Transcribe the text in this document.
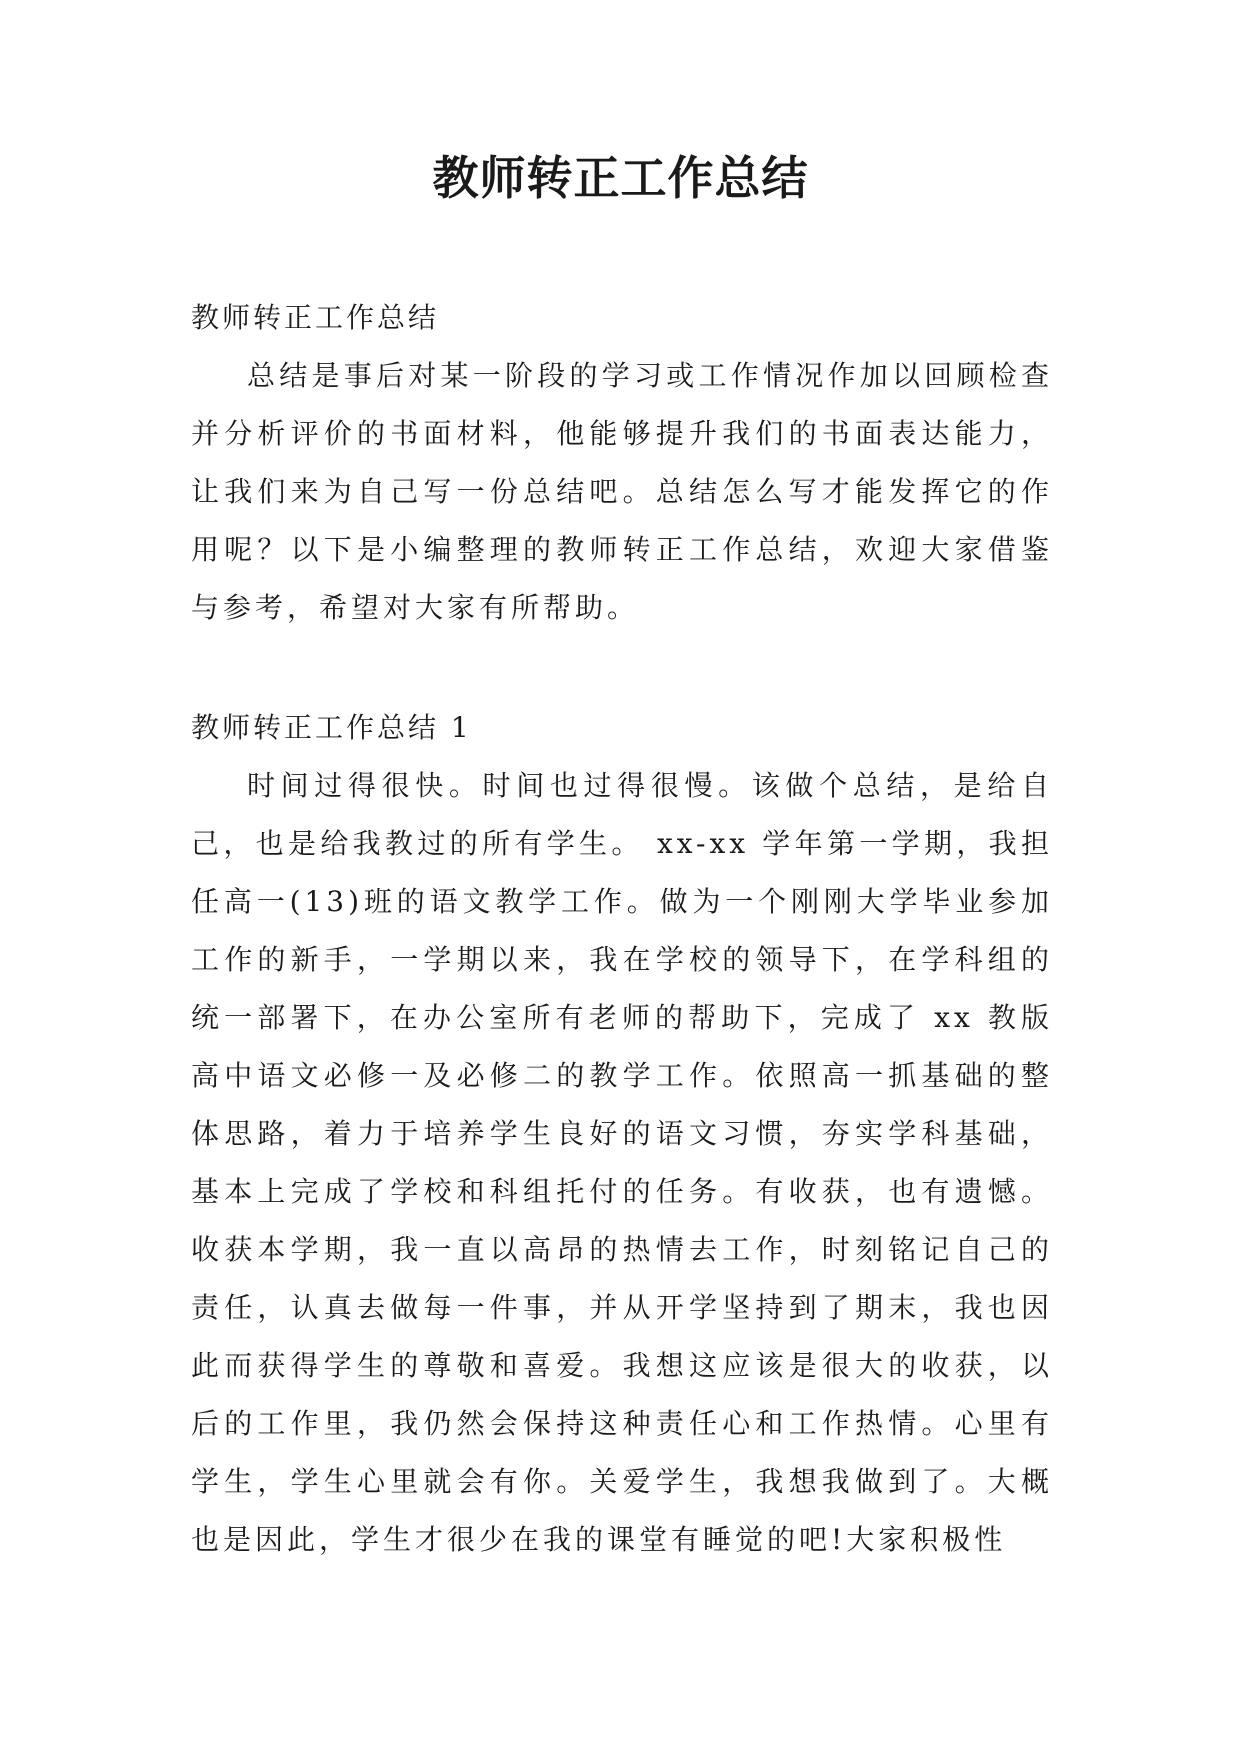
教师转正工作总结
教师转正工作总结

总结是事后对某一阶段的学习或工作情况作加以回顾检查并分析评价的书面材料，他能够提升我们的书面表达能力，让我们来为自己写一份总结吧。总结怎么写才能发挥它的作用呢？以下是小编整理的教师转正工作总结，欢迎大家借鉴与参考，希望对大家有所帮助。

教师转正工作总结 1

时间过得很快。时间也过得很慢。该做个总结，是给自己，也是给我教过的所有学生。 xx-xx 学年第一学期，我担任高一(13)班的语文教学工作。做为一个刚刚大学毕业参加工作的新手，一学期以来，我在学校的领导下，在学科组的统一部署下，在办公室所有老师的帮助下，完成了 xx 教版高中语文必修一及必修二的教学工作。依照高一抓基础的整体思路，着力于培养学生良好的语文习惯，夯实学科基础，基本上完成了学校和科组托付的任务。有收获，也有遗憾。收获本学期，我一直以高昂的热情去工作，时刻铭记自己的责任，认真去做每一件事，并从开学坚持到了期末，我也因此而获得学生的尊敬和喜爱。我想这应该是很大的收获，以后的工作里，我仍然会保持这种责任心和工作热情。心里有学生，学生心里就会有你。关爱学生，我想我做到了。大概也是因此，学生才很少在我的课堂有睡觉的吧!大家积极性
